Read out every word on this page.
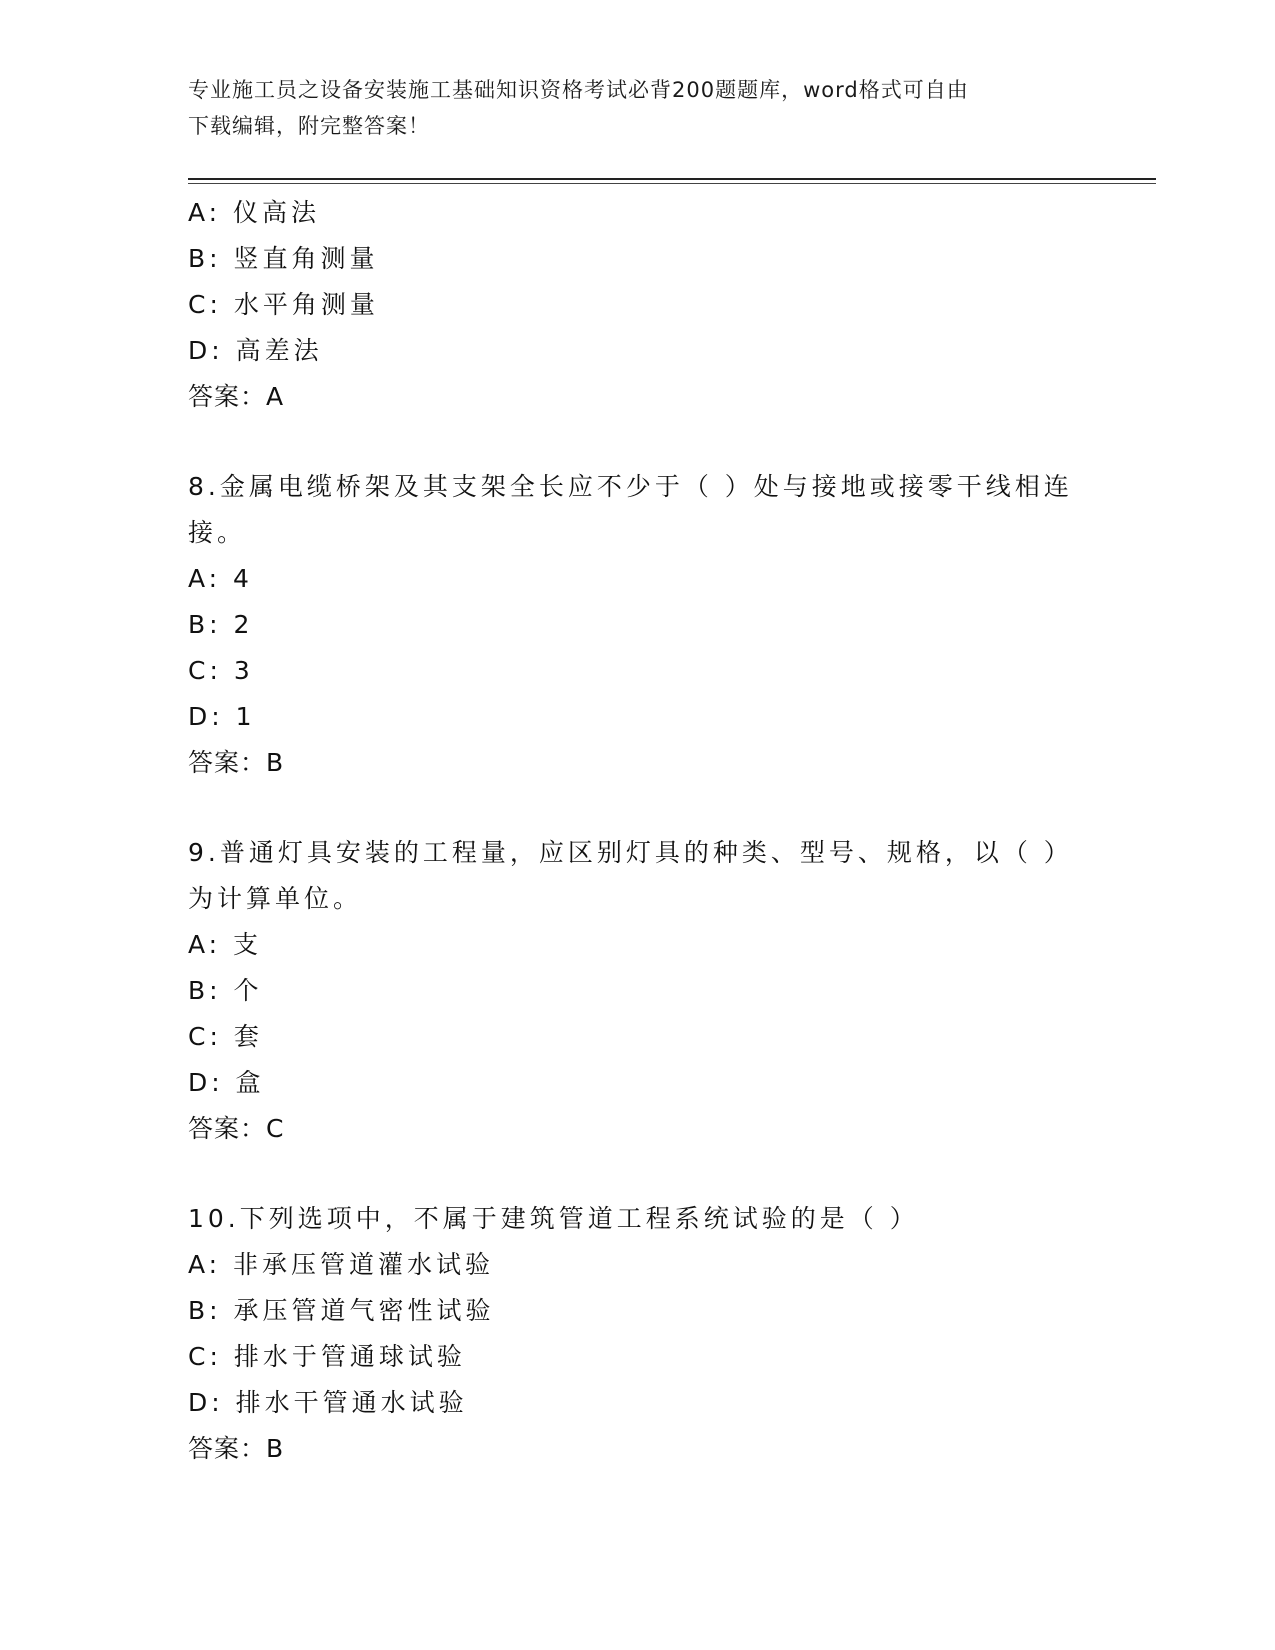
专业施工员之设备安装施工基础知识资格考试必背200题题库，word格式可自由
下载编辑，附完整答案！
A: 仪高法
B: 竖直角测量
C: 水平角测量
D: 高差法
答案：A
8.金属电缆桥架及其支架全长应不少于（ ）处与接地或接零干线相连
接。
A: 4
B: 2
C: 3
D: 1
答案：B
9.普通灯具安装的工程量，应区别灯具的种类、型号、规格，以（ ）
为计算单位。
A: 支
B: 个
C: 套
D: 盒
答案：C
10.下列选项中，不属于建筑管道工程系统试验的是（ ）
A: 非承压管道灌水试验
B: 承压管道气密性试验
C: 排水于管通球试验
D: 排水干管通水试验
答案：B
